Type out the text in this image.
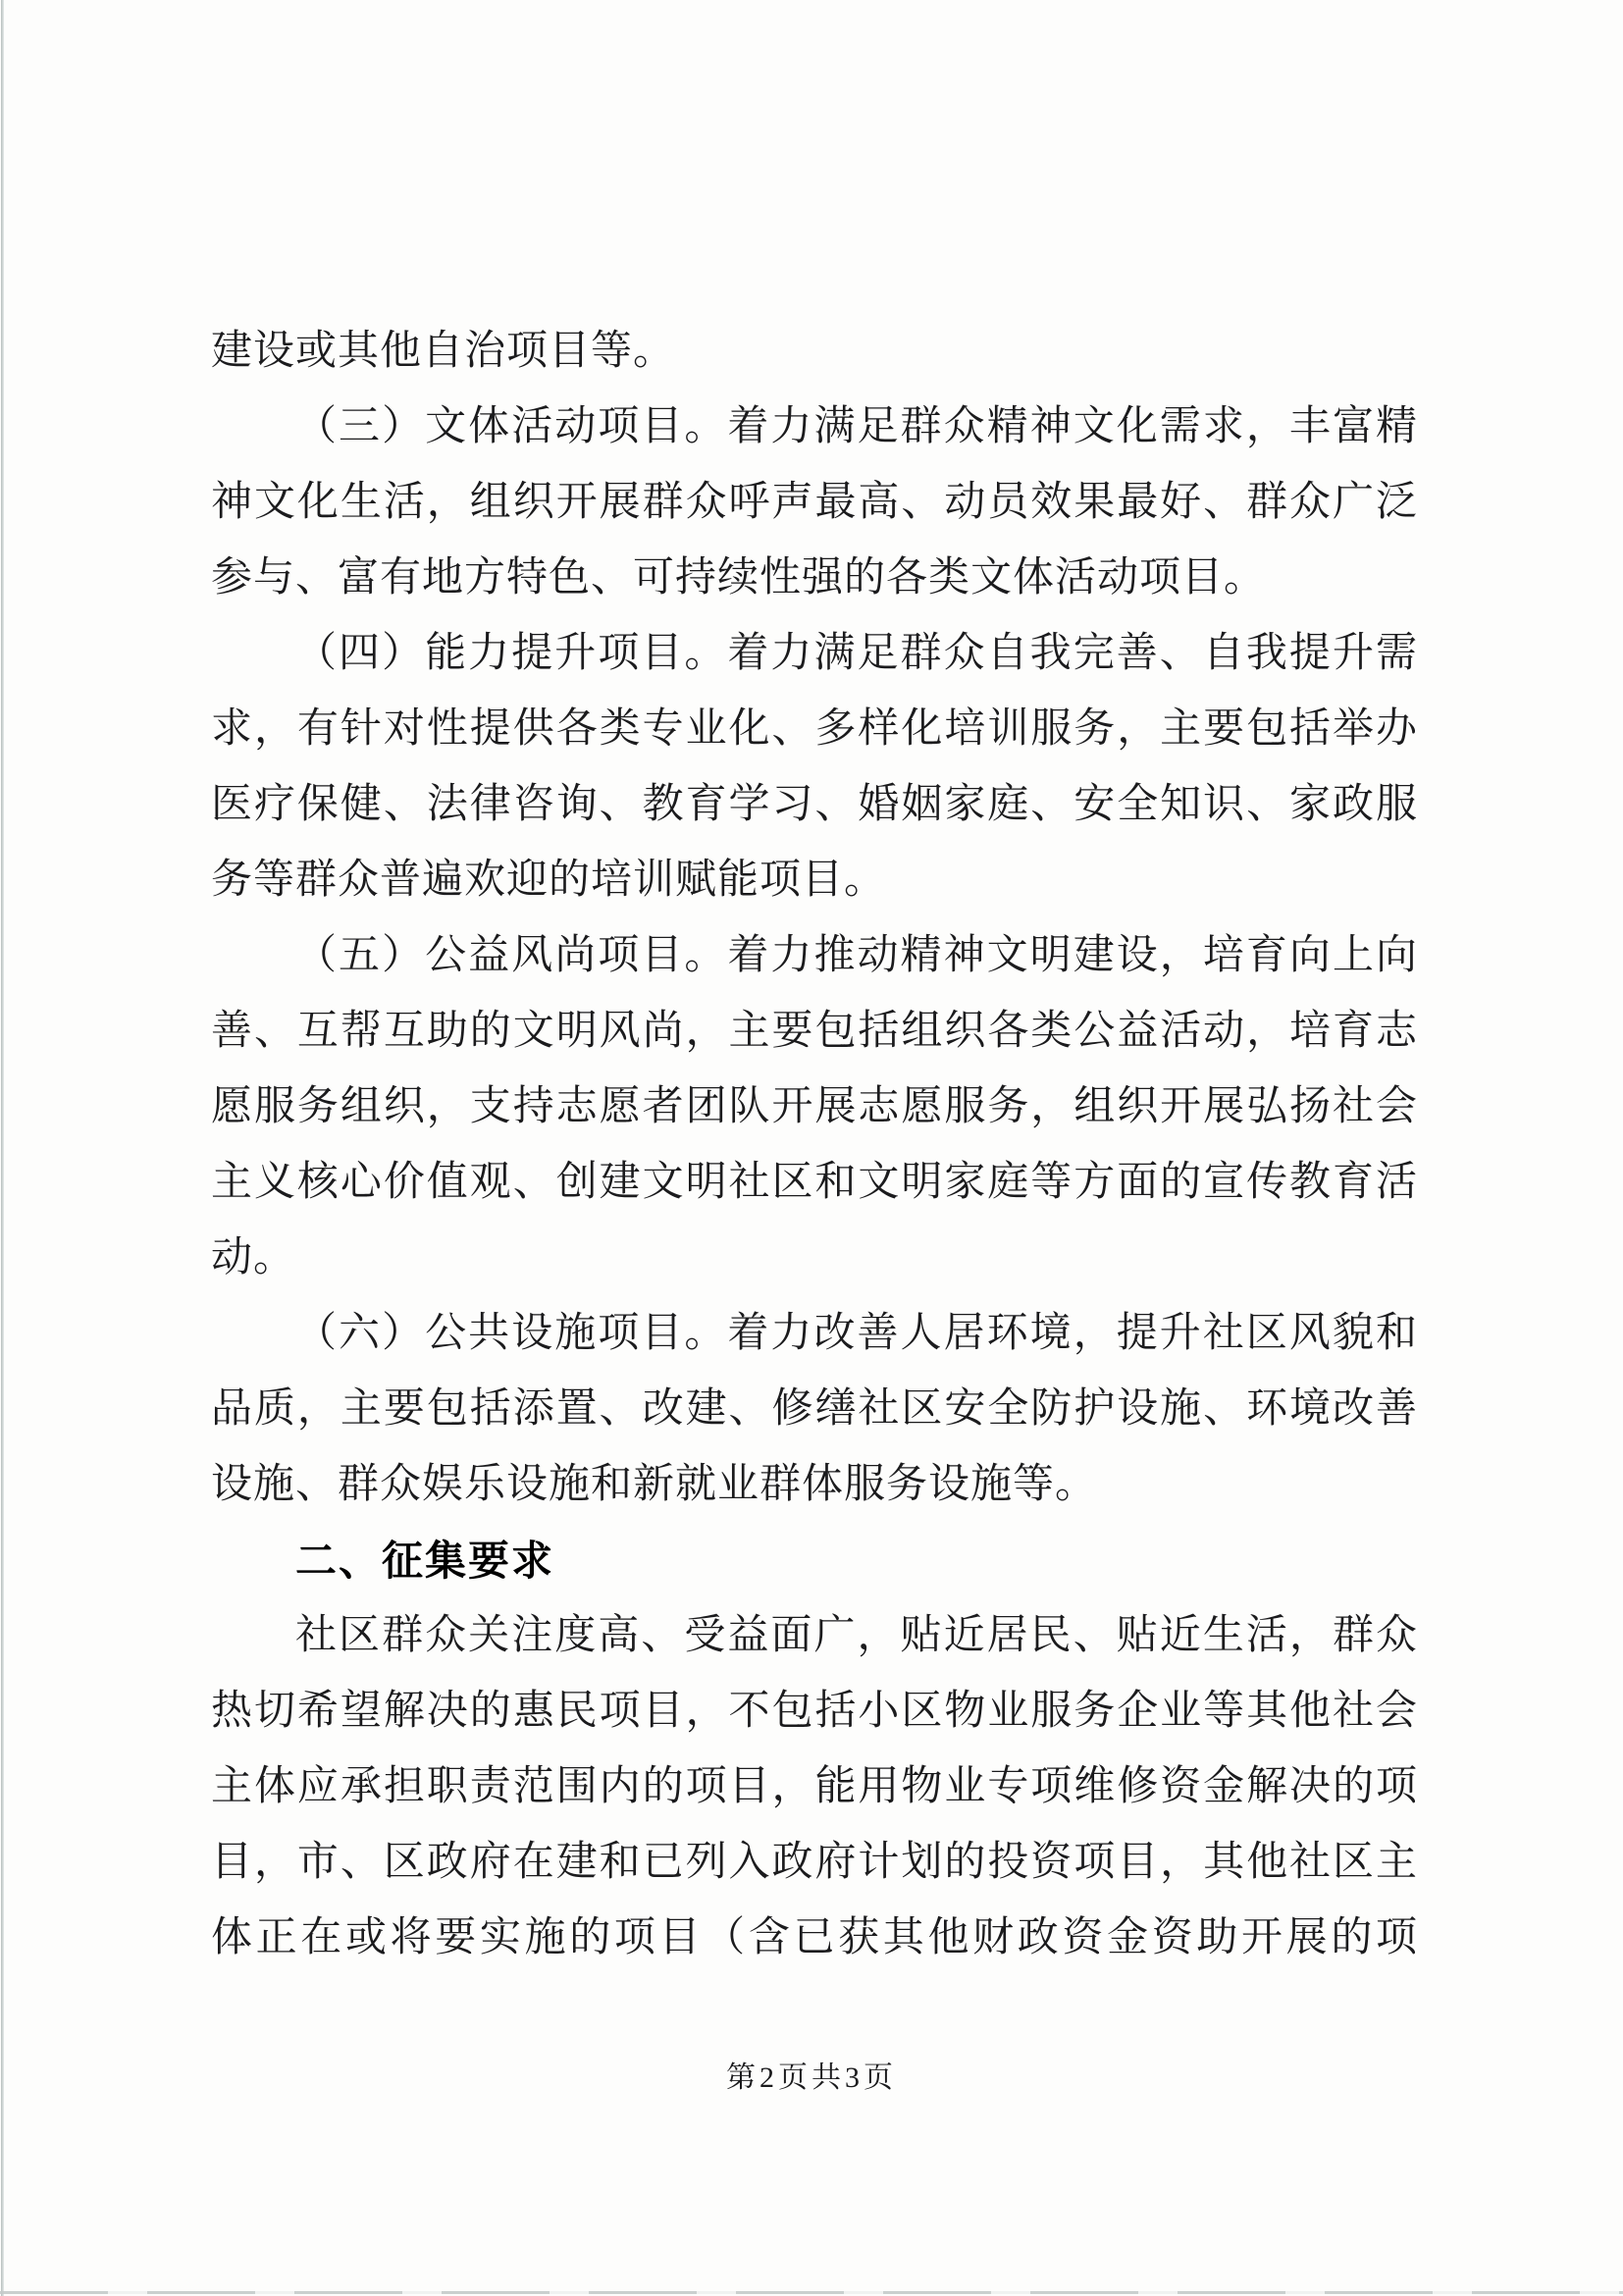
建设或其他自治项目等。
（三）文体活动项目。着力满足群众精神文化需求，丰富精
神文化生活，组织开展群众呼声最高、动员效果最好、群众广泛
参与、富有地方特色、可持续性强的各类文体活动项目。
（四）能力提升项目。着力满足群众自我完善、自我提升需
求，有针对性提供各类专业化、多样化培训服务，主要包括举办
医疗保健、法律咨询、教育学习、婚姻家庭、安全知识、家政服
务等群众普遍欢迎的培训赋能项目。
（五）公益风尚项目。着力推动精神文明建设，培育向上向
善、互帮互助的文明风尚，主要包括组织各类公益活动，培育志
愿服务组织，支持志愿者团队开展志愿服务，组织开展弘扬社会
主义核心价值观、创建文明社区和文明家庭等方面的宣传教育活
动。
（六）公共设施项目。着力改善人居环境，提升社区风貌和
品质，主要包括添置、改建、修缮社区安全防护设施、环境改善
设施、群众娱乐设施和新就业群体服务设施等。
二、征集要求
社区群众关注度高、受益面广，贴近居民、贴近生活，群众
热切希望解决的惠民项目，不包括小区物业服务企业等其他社会
主体应承担职责范围内的项目，能用物业专项维修资金解决的项
目，市、区政府在建和已列入政府计划的投资项目，其他社区主
体正在或将要实施的项目（含已获其他财政资金资助开展的项
第2页共3页
